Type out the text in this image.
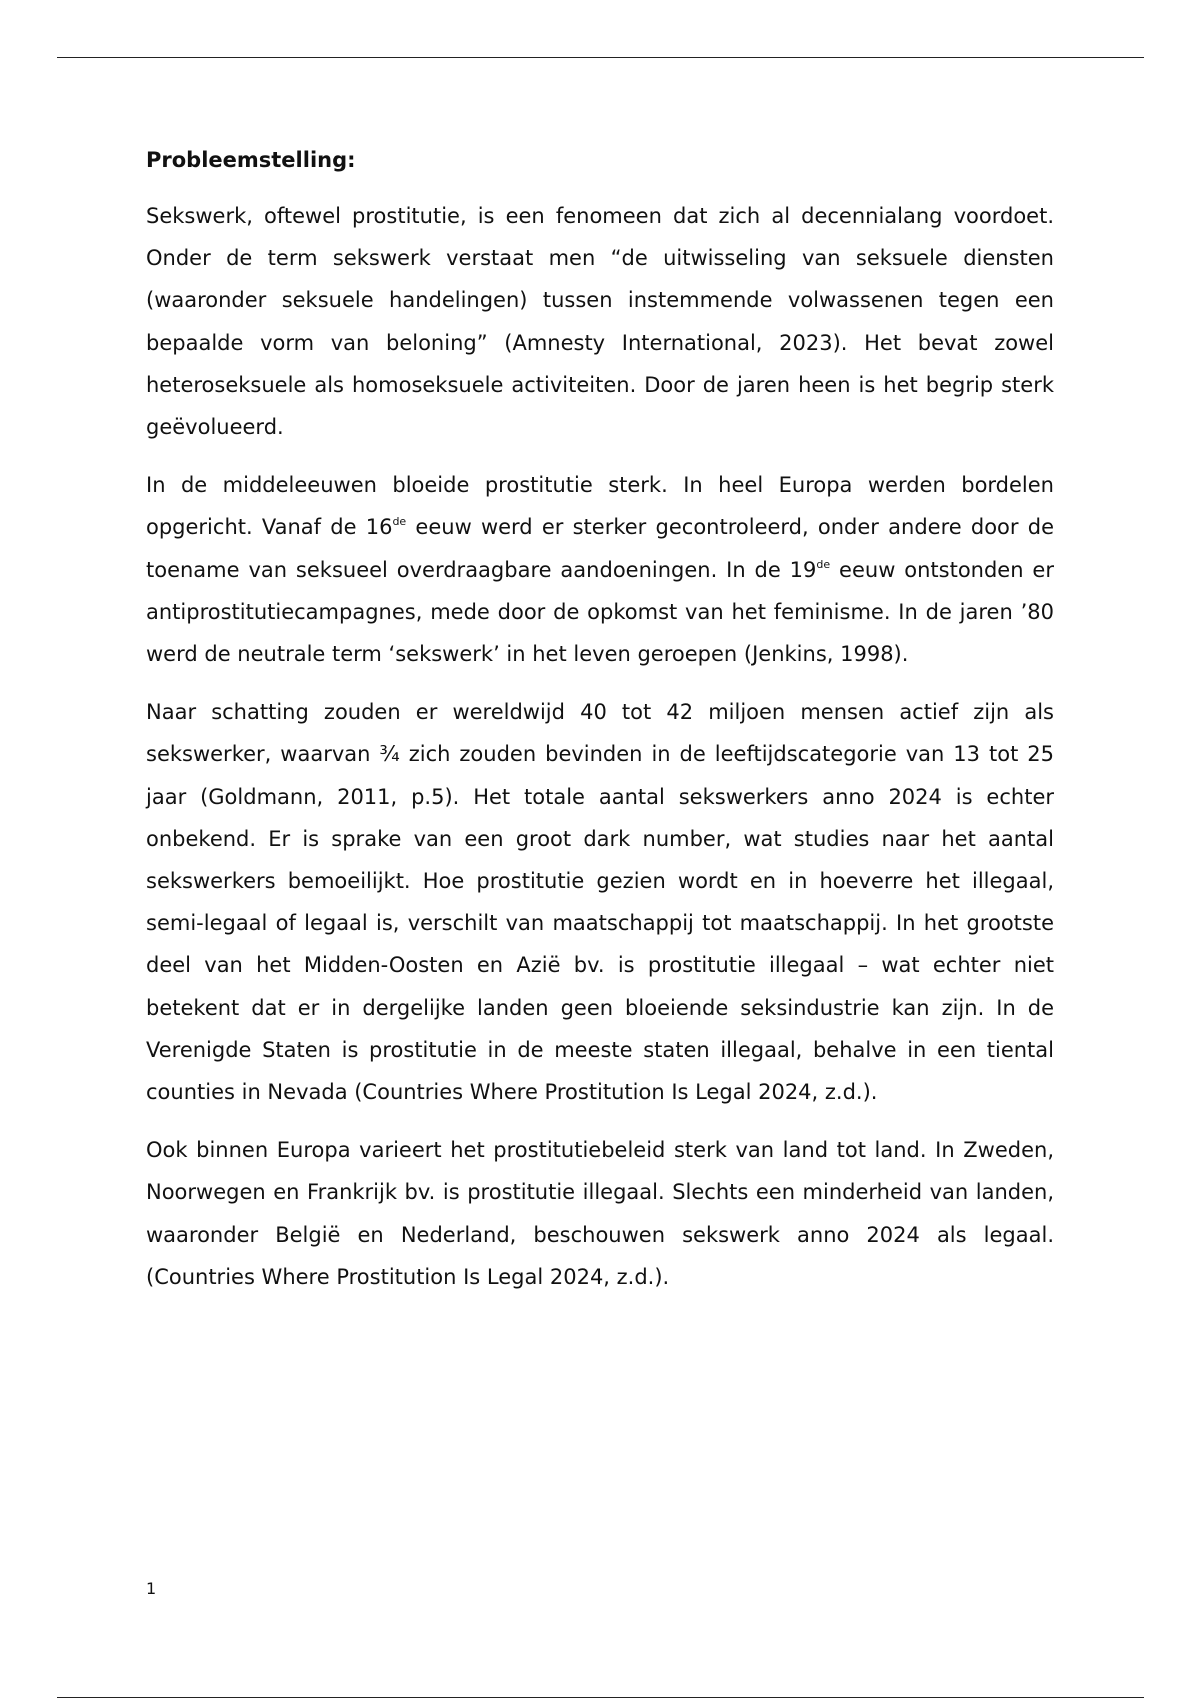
Probleemstelling:

Sekswerk, oftewel prostitutie, is een fenomeen dat zich al decennialang voordoet. Onder de term sekswerk verstaat men “de uitwisseling van seksuele diensten (waaronder seksuele handelingen) tussen instemmende volwassenen tegen een bepaalde vorm van beloning” (Amnesty International, 2023). Het bevat zowel heteroseksuele als homoseksuele activiteiten. Door de jaren heen is het begrip sterk geëvolueerd.

In de middeleeuwen bloeide prostitutie sterk. In heel Europa werden bordelen opgericht. Vanaf de 16de eeuw werd er sterker gecontroleerd, onder andere door de toename van seksueel overdraagbare aandoeningen. In de 19de eeuw ontstonden er antiprostitutiecampagnes, mede door de opkomst van het feminisme. In de jaren ’80 werd de neutrale term ‘sekswerk’ in het leven geroepen (Jenkins, 1998).

Naar schatting zouden er wereldwijd 40 tot 42 miljoen mensen actief zijn als sekswerker, waarvan ¾ zich zouden bevinden in de leeftijdscategorie van 13 tot 25 jaar (Goldmann, 2011, p.5). Het totale aantal sekswerkers anno 2024 is echter onbekend. Er is sprake van een groot dark number, wat studies naar het aantal sekswerkers bemoeilijkt. Hoe prostitutie gezien wordt en in hoeverre het illegaal, semi-legaal of legaal is, verschilt van maatschappij tot maatschappij. In het grootste deel van het Midden-Oosten en Azië bv. is prostitutie illegaal – wat echter niet betekent dat er in dergelijke landen geen bloeiende seksindustrie kan zijn. In de Verenigde Staten is prostitutie in de meeste staten illegaal, behalve in een tiental counties in Nevada (Countries Where Prostitution Is Legal 2024, z.d.).

Ook binnen Europa varieert het prostitutiebeleid sterk van land tot land. In Zweden, Noorwegen en Frankrijk bv. is prostitutie illegaal. Slechts een minderheid van landen, waaronder België en Nederland, beschouwen sekswerk anno 2024 als legaal. (Countries Where Prostitution Is Legal 2024, z.d.).

1
